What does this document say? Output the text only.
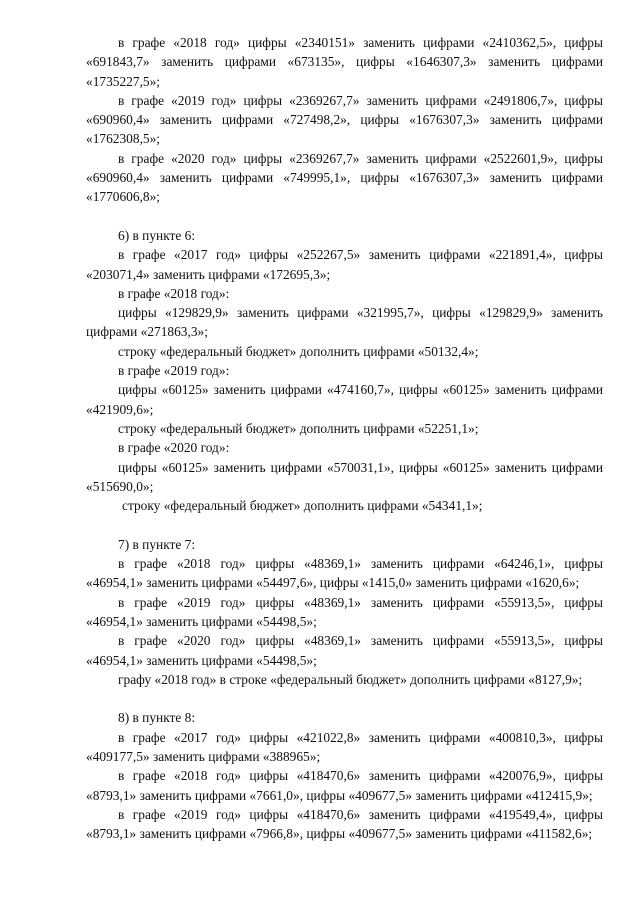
в графе «2018 год» цифры «2340151» заменить цифрами «2410362,5», цифры «691843,7» заменить цифрами «673135», цифры «1646307,3» заменить цифрами «1735227,5»;

в графе «2019 год» цифры «2369267,7» заменить цифрами «2491806,7», цифры «690960,4» заменить цифрами «727498,2», цифры «1676307,3» заменить цифрами «1762308,5»;

в графе «2020 год» цифры «2369267,7» заменить цифрами «2522601,9», цифры «690960,4» заменить цифрами «749995,1», цифры «1676307,3» заменить цифрами «1770606,8»;

6) в пункте 6:

в графе «2017 год» цифры «252267,5» заменить цифрами «221891,4», цифры «203071,4» заменить цифрами «172695,3»;

в графе «2018 год»:

цифры «129829,9» заменить цифрами «321995,7», цифры «129829,9» заменить цифрами «271863,3»;

строку «федеральный бюджет» дополнить цифрами «50132,4»;

в графе «2019 год»:

цифры «60125» заменить цифрами «474160,7», цифры «60125» заменить цифрами «421909,6»;

строку «федеральный бюджет» дополнить цифрами «52251,1»;

в графе «2020 год»:

цифры «60125» заменить цифрами «570031,1», цифры «60125» заменить цифрами «515690,0»;

строку «федеральный бюджет» дополнить цифрами «54341,1»;

7) в пункте 7:

в графе «2018 год» цифры «48369,1» заменить цифрами «64246,1», цифры «46954,1» заменить цифрами «54497,6», цифры «1415,0» заменить цифрами «1620,6»;

в графе «2019 год» цифры «48369,1» заменить цифрами «55913,5», цифры «46954,1» заменить цифрами «54498,5»;

в графе «2020 год» цифры «48369,1» заменить цифрами «55913,5», цифры «46954,1» заменить цифрами «54498,5»;

графу «2018 год» в строке «федеральный бюджет» дополнить цифрами «8127,9»;

8) в пункте 8:

в графе «2017 год» цифры «421022,8» заменить цифрами «400810,3», цифры «409177,5» заменить цифрами «388965»;

в графе «2018 год» цифры «418470,6» заменить цифрами «420076,9», цифры «8793,1» заменить цифрами «7661,0», цифры «409677,5» заменить цифрами «412415,9»;

в графе «2019 год» цифры «418470,6» заменить цифрами «419549,4», цифры «8793,1» заменить цифрами «7966,8», цифры «409677,5» заменить цифрами «411582,6»;
